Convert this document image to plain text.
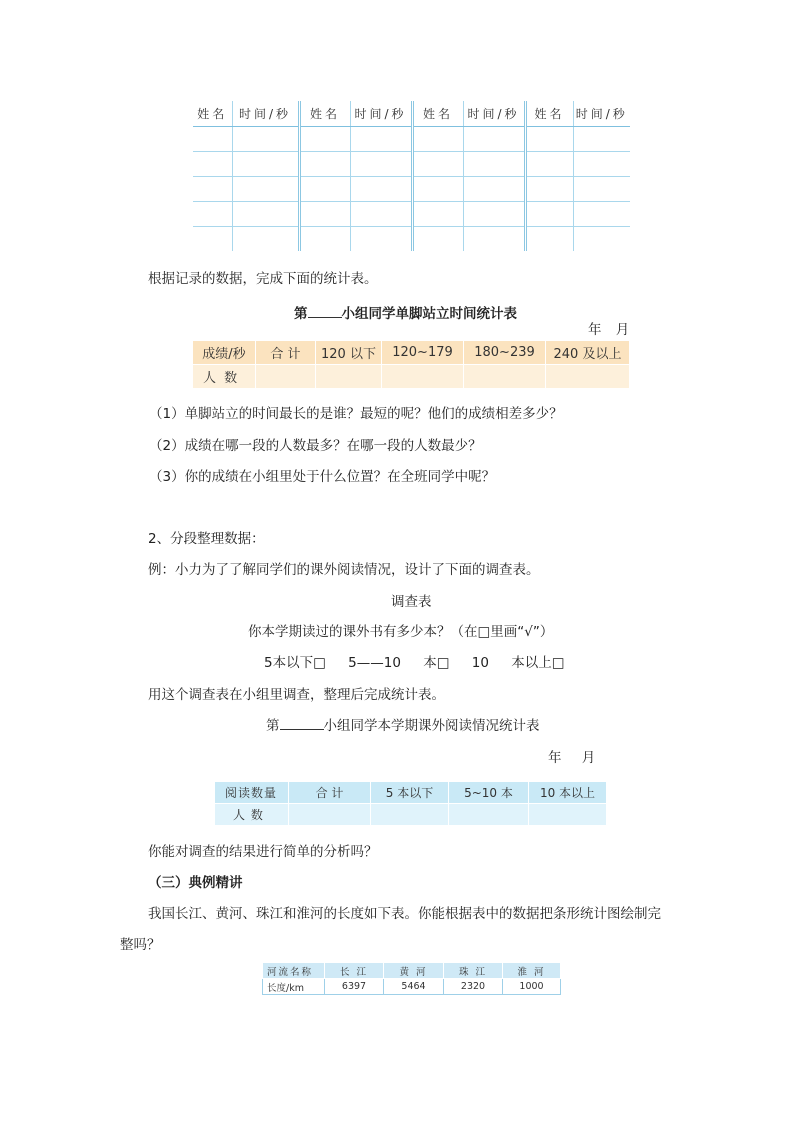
姓名	时间/秒	姓名	时间/秒	姓名	时间/秒	姓名	时间/秒

根据记录的数据，完成下面的统计表。
第	小组同学单脚站立时间统计表
年 月
成绩/秒	合 计	120 以下	120~179	180~239	240 及以上
人 数					
（1）单脚站立的时间最长的是谁？最短的呢？他们的成绩相差多少？
（2）成绩在哪一段的人数最多？在哪一段的人数最少？
（3）你的成绩在小组里处于什么位置？在全班同学中呢？
2、分段整理数据：
例：小力为了了解同学们的课外阅读情况，设计了下面的调查表。
调查表
你本学期读过的课外书有多少本？（在□里画“√”）
5本以下□ 5——10 本□ 10 本以上□
用这个调查表在小组里调查，整理后完成统计表。
第	小组同学本学期课外阅读情况统计表
年 月
阅读数量	合 计	5 本以下	5~10 本	10 本以上
人 数				
你能对调查的结果进行简单的分析吗？
（三）典例精讲
我国长江、黄河、珠江和淮河的长度如下表。你能根据表中的数据把条形统计图绘制完
整吗？
河流名称	长 江	黄 河	珠 江	淮 河
长度/km	6397	5464	2320	1000
